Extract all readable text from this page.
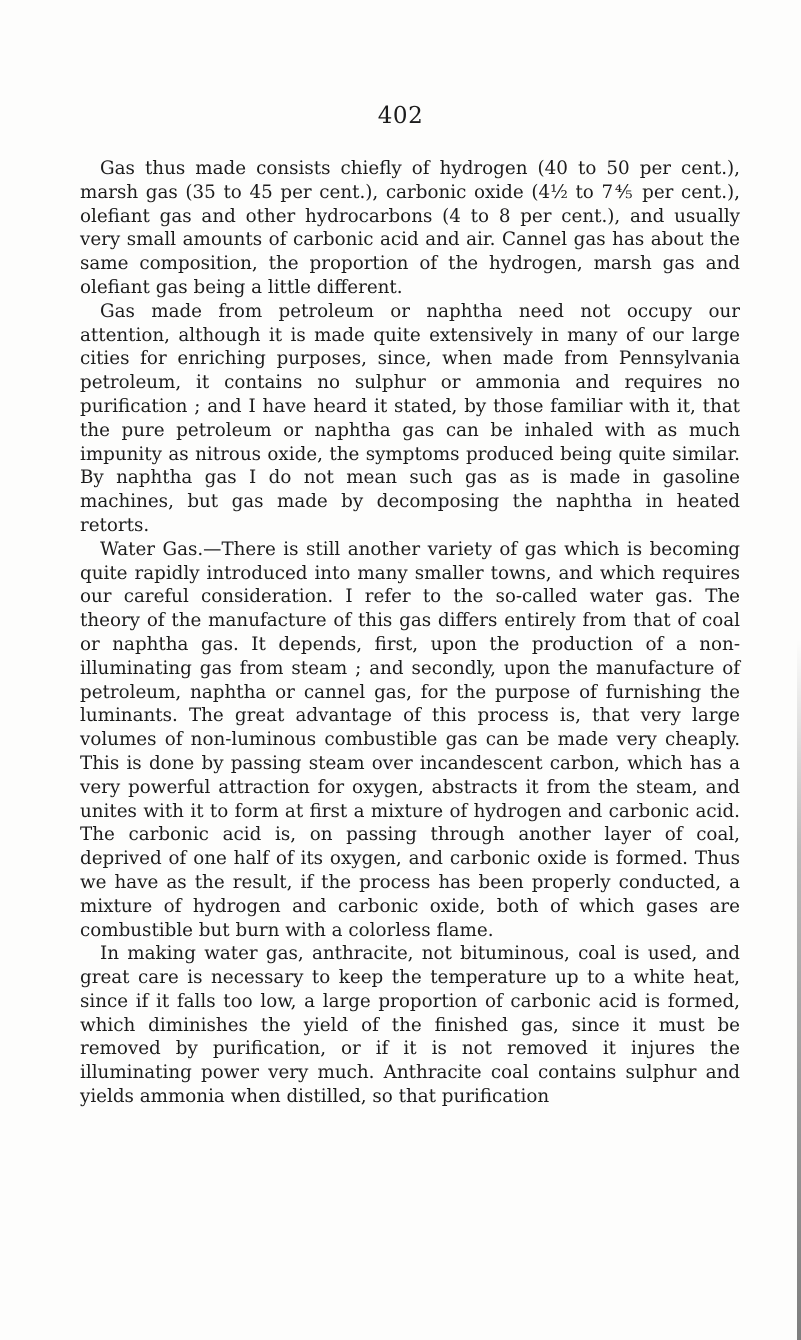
402

Gas thus made consists chiefly of hydrogen (40 to 50 per cent.), marsh gas (35 to 45 per cent.), carbonic oxide (4½ to 7⅘ per cent.), olefiant gas and other hydrocarbons (4 to 8 per cent.), and usually very small amounts of carbonic acid and air. Cannel gas has about the same composition, the proportion of the hydrogen, marsh gas and olefiant gas being a little different.

Gas made from petroleum or naphtha need not occupy our attention, although it is made quite extensively in many of our large cities for enriching purposes, since, when made from Pennsylvania petroleum, it contains no sulphur or ammonia and requires no purification ; and I have heard it stated, by those familiar with it, that the pure petroleum or naphtha gas can be inhaled with as much impunity as nitrous oxide, the symptoms produced being quite similar. By naphtha gas I do not mean such gas as is made in gasoline machines, but gas made by decomposing the naphtha in heated retorts.

Water Gas.—There is still another variety of gas which is becoming quite rapidly introduced into many smaller towns, and which requires our careful consideration. I refer to the so-called water gas. The theory of the manufacture of this gas differs entirely from that of coal or naphtha gas. It depends, first, upon the production of a non-illuminating gas from steam ; and secondly, upon the manufacture of petroleum, naphtha or cannel gas, for the purpose of furnishing the luminants. The great advantage of this process is, that very large volumes of non-luminous combustible gas can be made very cheaply. This is done by passing steam over incandescent carbon, which has a very powerful attraction for oxygen, abstracts it from the steam, and unites with it to form at first a mixture of hydrogen and carbonic acid. The carbonic acid is, on passing through another layer of coal, deprived of one half of its oxygen, and carbonic oxide is formed. Thus we have as the result, if the process has been properly conducted, a mixture of hydrogen and carbonic oxide, both of which gases are combustible but burn with a colorless flame.

In making water gas, anthracite, not bituminous, coal is used, and great care is necessary to keep the temperature up to a white heat, since if it falls too low, a large proportion of carbonic acid is formed, which diminishes the yield of the finished gas, since it must be removed by purification, or if it is not removed it injures the illuminating power very much. Anthracite coal contains sulphur and yields ammonia when distilled, so that purification
